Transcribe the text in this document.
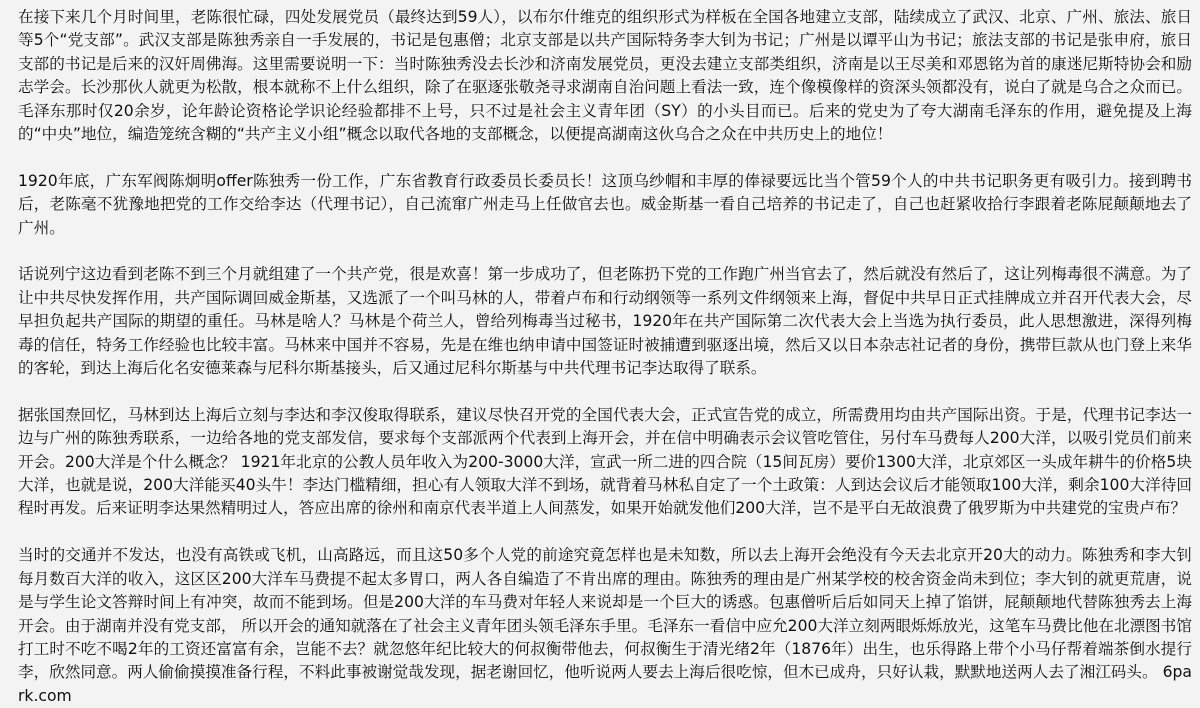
在接下来几个月时间里，老陈很忙碌，四处发展党员（最终达到59人），以布尔什维克的组织形式为样板在全国各地建立支部，陆续成立了武汉、北京、广州、旅法、旅日等5个“党支部”。武汉支部是陈独秀亲自一手发展的，书记是包惠僧；北京支部是以共产国际特务李大钊为书记；广州是以谭平山为书记；旅法支部的书记是张申府，旅日支部的书记是后来的汉奸周佛海。这里需要说明一下：当时陈独秀没去长沙和济南发展党员，更没去建立支部类组织，济南是以王尽美和邓恩铭为首的康迷尼斯特协会和励志学会。长沙那伙人就更为松散，根本就称不上什么组织，除了在驱逐张敬尧寻求湖南自治问题上看法一致，连个像模像样的资深头领都没有，说白了就是乌合之众而已。毛泽东那时仅20余岁，论年龄论资格论学识论经验都排不上号，只不过是社会主义青年团（SY）的小头目而已。后来的党史为了夸大湖南毛泽东的作用，避免提及上海的“中央”地位，编造笼统含糊的“共产主义小组”概念以取代各地的支部概念，以便提高湖南这伙乌合之众在中共历史上的地位！

1920年底，广东军阀陈炯明offer陈独秀一份工作，广东省教育行政委员长委员长！这顶乌纱帽和丰厚的俸禄要远比当个管59个人的中共书记职务更有吸引力。接到聘书后，老陈毫不犹豫地把党的工作交给李达（代理书记），自己流窜广州走马上任做官去也。威金斯基一看自己培养的书记走了，自己也赶紧收拾行李跟着老陈屁颠颠地去了广州。

话说列宁这边看到老陈不到三个月就组建了一个共产党，很是欢喜！第一步成功了，但老陈扔下党的工作跑广州当官去了，然后就没有然后了，这让列梅毒很不满意。为了让中共尽快发挥作用，共产国际调回威金斯基，又选派了一个叫马林的人，带着卢布和行动纲领等一系列文件纲领来上海，督促中共早日正式挂牌成立并召开代表大会，尽早担负起共产国际的期望的重任。马林是啥人？马林是个荷兰人，曾给列梅毒当过秘书，1920年在共产国际第二次代表大会上当选为执行委员，此人思想激进，深得列梅毒的信任，特务工作经验也比较丰富。马林来中国并不容易，先是在维也纳申请中国签证时被捕遭到驱逐出境，然后又以日本杂志社记者的身份，携带巨款从也门登上来华的客轮，到达上海后化名安德莱森与尼科尔斯基接头，后又通过尼科尔斯基与中共代理书记李达取得了联系。

据张国焘回忆，马林到达上海后立刻与李达和李汉俊取得联系，建议尽快召开党的全国代表大会，正式宣告党的成立，所需费用均由共产国际出资。于是，代理书记李达一边与广州的陈独秀联系，一边给各地的党支部发信，要求每个支部派两个代表到上海开会，并在信中明确表示会议管吃管住，另付车马费每人200大洋，以吸引党员们前来开会。200大洋是个什么概念？ 1921年北京的公教人员年收入为200-3000大洋，宣武一所二进的四合院（15间瓦房）要价1300大洋，北京郊区一头成年耕牛的价格5块大洋，也就是说，200大洋能买40头牛！李达门槛精细，担心有人领取大洋不到场，就背着马林私自定了一个土政策：人到达会议后才能领取100大洋，剩余100大洋待回程时再发。后来证明李达果然精明过人，答应出席的徐州和南京代表半道上人间蒸发，如果开始就发他们200大洋，岂不是平白无故浪费了俄罗斯为中共建党的宝贵卢布？

当时的交通并不发达，也没有高铁或飞机，山高路远，而且这50多个人党的前途究竟怎样也是未知数，所以去上海开会绝没有今天去北京开20大的动力。陈独秀和李大钊每月数百大洋的收入，这区区200大洋车马费提不起太多胃口，两人各自编造了不肯出席的理由。陈独秀的理由是广州某学校的校舍资金尚未到位；李大钊的就更荒唐，说是与学生论文答辩时间上有冲突，故而不能到场。但是200大洋的车马费对年轻人来说却是一个巨大的诱惑。包惠僧听后后如同天上掉了馅饼，屁颠颠地代替陈独秀去上海开会。由于湖南并没有党支部， 所以开会的通知就落在了社会主义青年团头领毛泽东手里。毛泽东一看信中应允200大洋立刻两眼烁烁放光，这笔车马费比他在北漂图书馆打工时不吃不喝2年的工资还富富有余，岂能不去？就忽悠年纪比较大的何叔衡带他去，何叔衡生于清光绪2年（1876年）出生，也乐得路上带个小马仔帮着端茶倒水提行李，欣然同意。两人偷偷摸摸准备行程，不料此事被谢觉哉发现，据老谢回忆，他听说两人要去上海后很吃惊，但木已成舟，只好认栽，默默地送两人去了湘江码头。 6park.com
